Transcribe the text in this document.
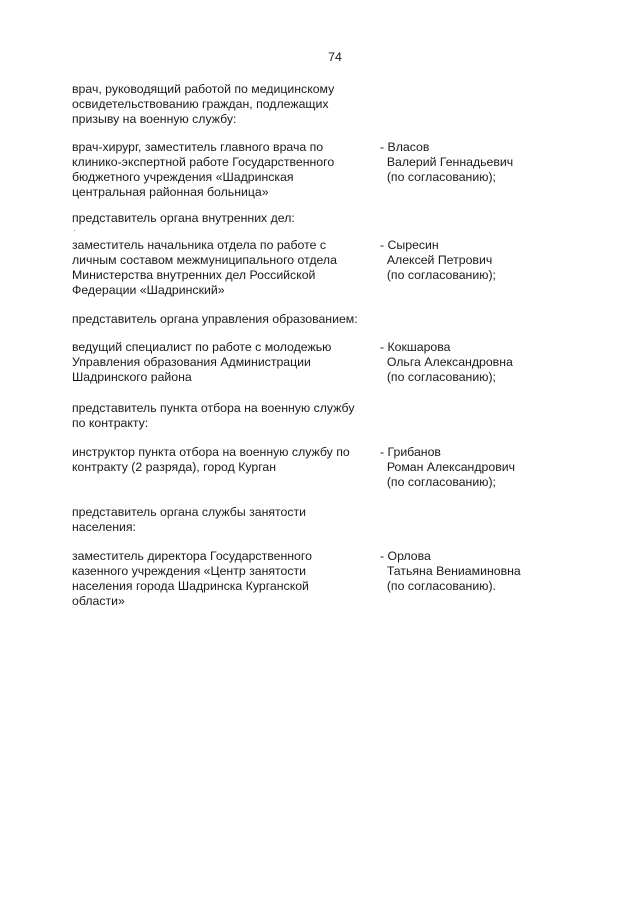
74
врач, руководящий работой по медицинскому
освидетельствованию граждан, подлежащих
призыву на военную службу:
врач-хирург, заместитель главного врача по
клинико-экспертной работе Государственного
бюджетного учреждения «Шадринская
центральная районная больница»
- Власов
Валерий Геннадьевич
(по согласованию);
представитель органа внутренних дел:
заместитель начальника отдела по работе с
личным составом межмуниципального отдела
Министерства внутренних дел Российской
Федерации «Шадринский»
- Сыресин
Алексей Петрович
(по согласованию);
представитель органа управления образованием:
ведущий специалист по работе с молодежью
Управления образования Администрации
Шадринского района
- Кокшарова
Ольга Александровна
(по согласованию);
представитель пункта отбора на военную службу
по контракту:
инструктор пункта отбора на военную службу по
контракту (2 разряда), город Курган
- Грибанов
Роман Александрович
(по согласованию);
представитель органа службы занятости
населения:
заместитель директора Государственного
казенного учреждения «Центр занятости
населения города Шадринска Курганской
области»
- Орлова
Татьяна Вениаминовна
(по согласованию).
